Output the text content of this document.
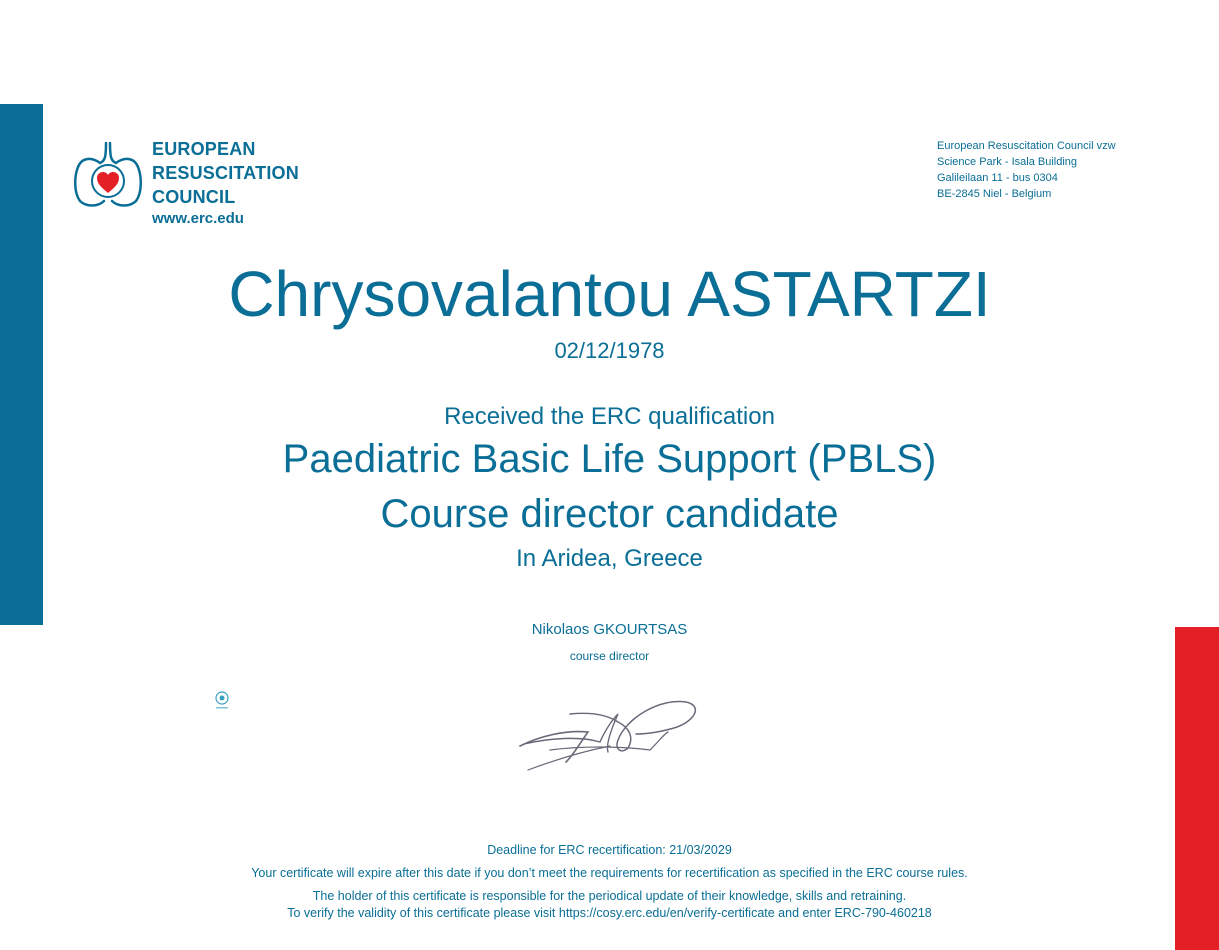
EUROPEAN
RESUSCITATION
COUNCIL
www.erc.edu
European Resuscitation Council vzw
Science Park - Isala Building
Galileilaan 11 - bus 0304
BE-2845 Niel - Belgium
Chrysovalantou ASTARTZI
02/12/1978
Received the ERC qualification
Paediatric Basic Life Support (PBLS)
Course director candidate
In Aridea, Greece
Nikolaos GKOURTSAS
course director
Deadline for ERC recertification: 21/03/2029
Your certificate will expire after this date if you don’t meet the requirements for recertification as specified in the ERC course rules.
The holder of this certificate is responsible for the periodical update of their knowledge, skills and retraining.
To verify the validity of this certificate please visit https://cosy.erc.edu/en/verify-certificate and enter ERC-790-460218
